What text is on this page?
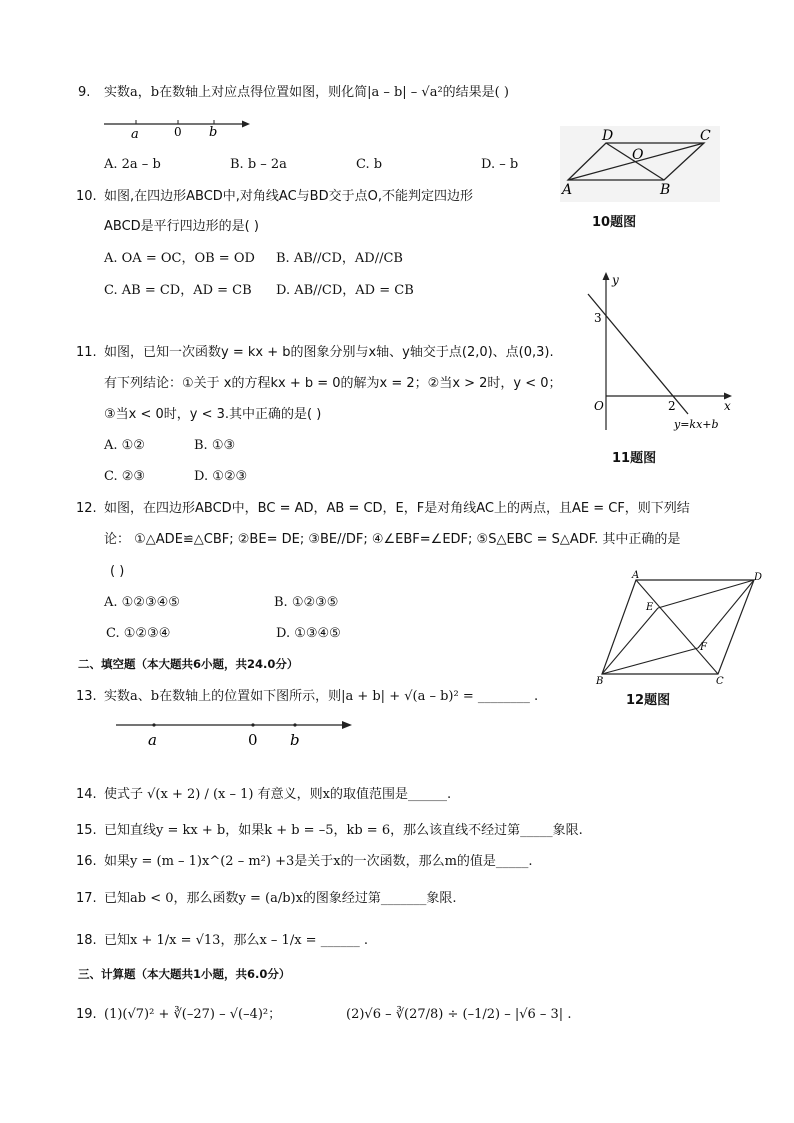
9. 实数a，b在数轴上对应点得位置如图，则化简|a – b| – √a²的结果是( )
a	0 b
A. 2a – b	B. b – 2a	C. b	D. – b
10. 如图,在四边形ABCD中,对角线AC与BD交于点O,不能判定四边形
ABCD是平行四边形的是( )
A. OA = OC，OB = OD B. AB//CD，AD//CB
C. AB = CD，AD = CB D. AB//CD，AD = CB
D	C
O
A	B
10题图
11. 如图，已知一次函数y = kx + b的图象分别与x轴、y轴交于点(2,0)、点(0,3).
有下列结论：①关于 x的方程kx + b = 0的解为x = 2；②当x > 2时，y < 0；
③当x < 0时，y < 3.其中正确的是( )
A. ①②	B. ①③
C. ②③	D. ①②③
y
3
O	2	x
y=kx+b
11题图
12. 如图，在四边形ABCD中，BC = AD，AB = CD，E，F是对角线AC上的两点，且AE = CF，则下列结
论： ①△ADE≌△CBF; ②BE= DE; ③BE//DF; ④∠EBF=∠EDF; ⑤S△EBC = S△ADF. 其中正确的是
( )
A. ①②③④⑤	B. ①②③⑤
C. ①②③④	D. ①③④⑤
A	D
E
F
B	C
12题图
二、填空题（本大题共6小题，共24.0分）
13. 实数a、b在数轴上的位置如下图所示，则|a + b| + √(a – b)² = ________ .
a	0 b
14. 使式子 √(x + 2) / (x – 1) 有意义，则x的取值范围是______.
15. 已知直线y = kx + b，如果k + b = –5，kb = 6，那么该直线不经过第_____象限.
16. 如果y = (m – 1)x^(2 – m²) +3是关于x的一次函数，那么m的值是_____.
17. 已知ab < 0，那么函数y = (a/b)x的图象经过第_______象限.
18. 已知x + 1/x = √13，那么x – 1/x = ______ .
三、计算题（本大题共1小题，共6.0分）
19. (1)(√7)² + ∛(–27) – √(–4)²；	(2)√6 – ∛(27/8) ÷ (–1/2) – |√6 – 3| .
